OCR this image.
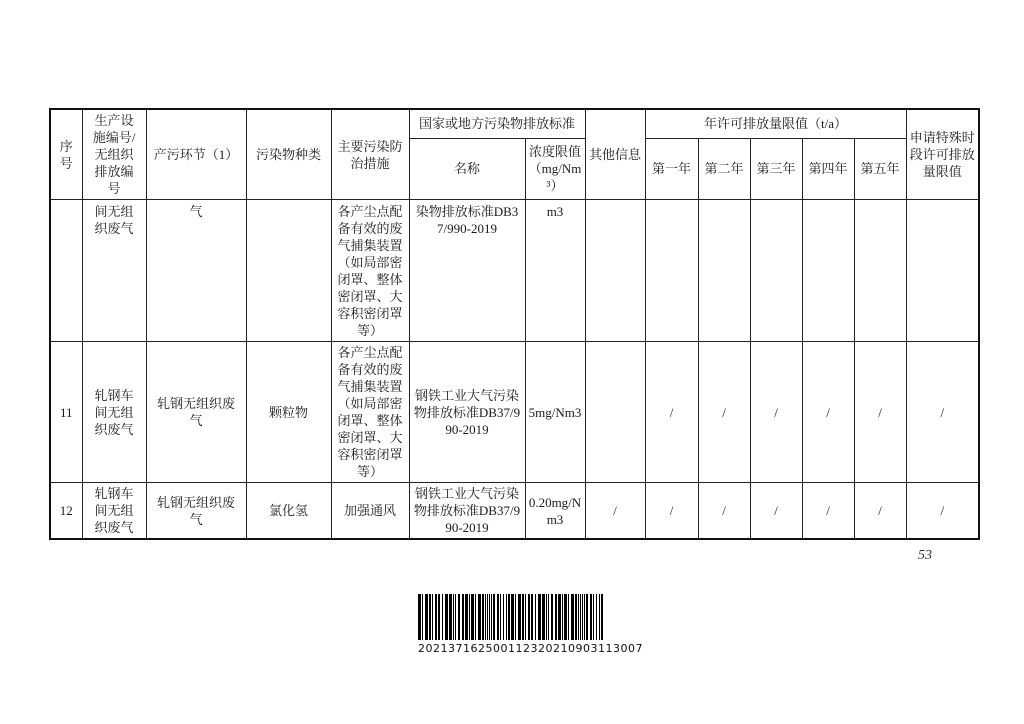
序号	生产设施编号/无组织排放编号	产污环节（1）	污染物种类	主要污染防治措施	国家或地方污染物排放标准		其他信息	年许可排放量限值（t/a）					申请特殊时段许可排放量限值
					名称	浓度限值（mg/Nm³）		第一年	第二年	第三年	第四年	第五年	
	间无组织废气	气		各产尘点配备有效的废气捕集装置（如局部密闭罩、整体密闭罩、大容积密闭罩等）	染物排放标准DB37/990-2019	m3							
11	轧钢车间无组织废气	轧钢无组织废气	颗粒物	各产尘点配备有效的废气捕集装置（如局部密闭罩、整体密闭罩、大容积密闭罩等）	钢铁工业大气污染物排放标准DB37/990-2019	5mg/Nm3		/	/	/	/	/	/
12	轧钢车间无组织废气	轧钢无组织废气	氯化氢	加强通风	钢铁工业大气污染物排放标准DB37/990-2019	0.20mg/Nm3	/	/	/	/	/	/	/
53
202137162500112320210903113007
